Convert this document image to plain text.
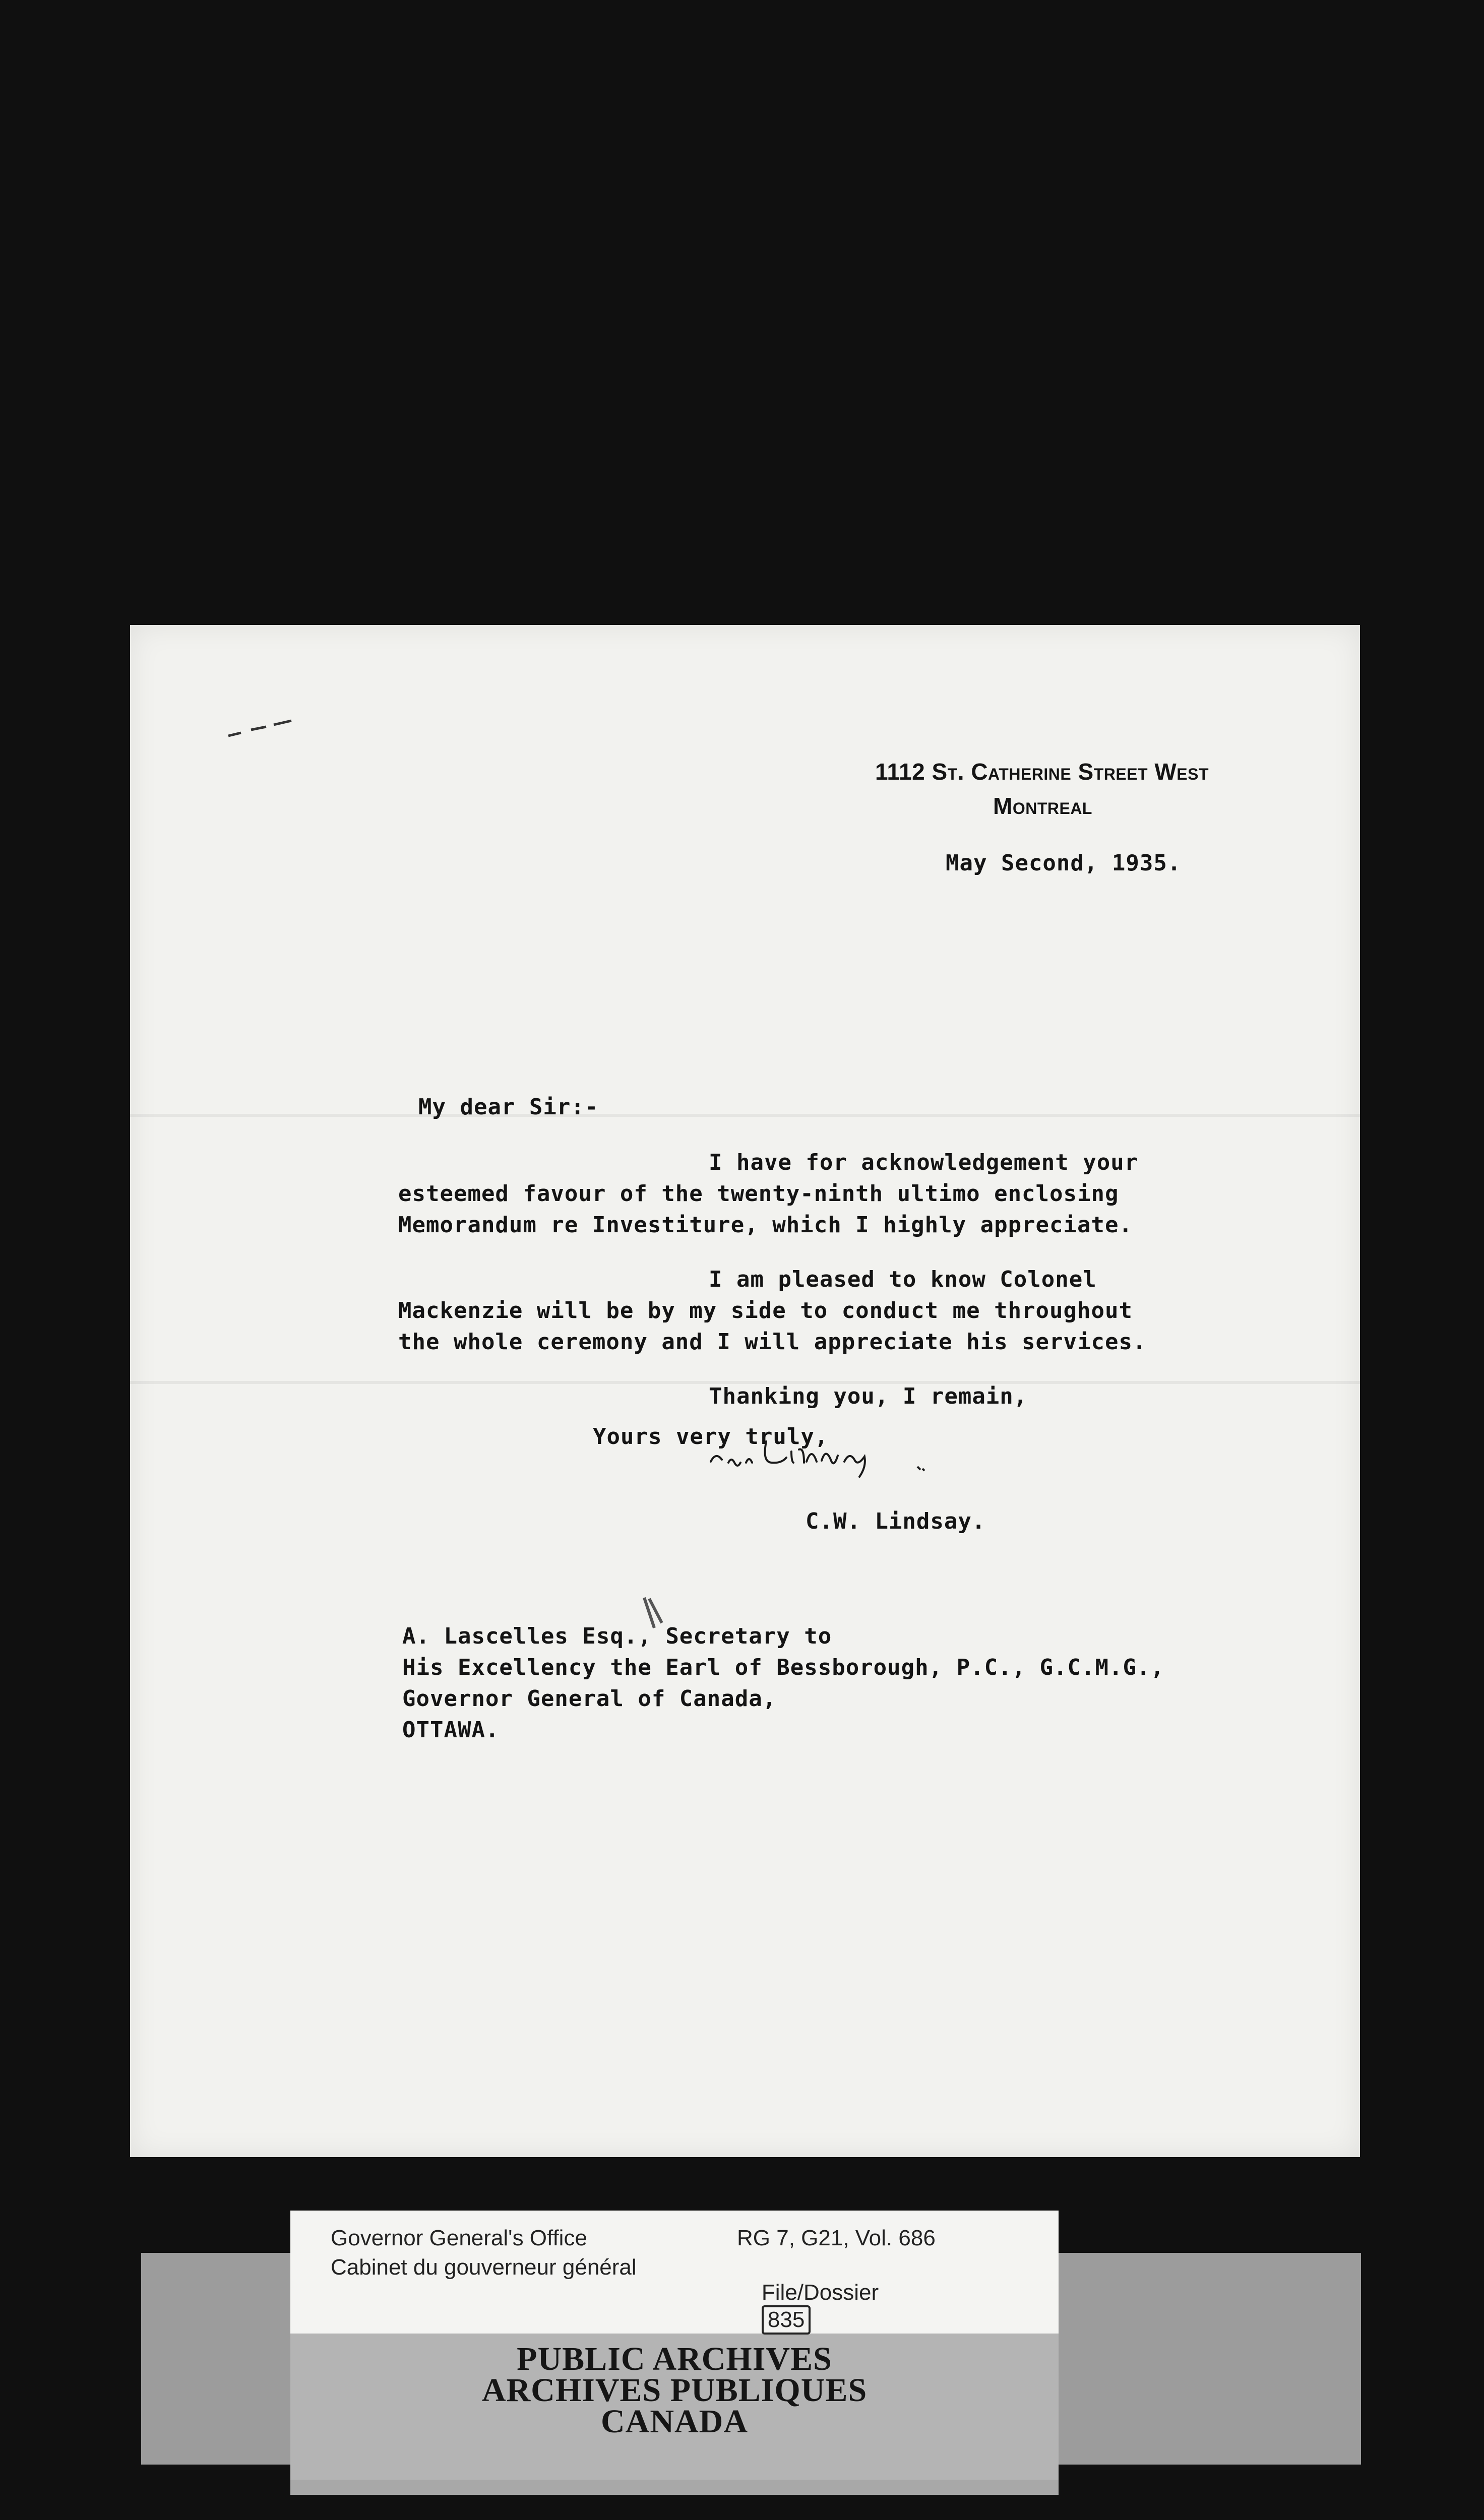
1112 St. Catherine Street West
Montreal
May Second, 1935.
My dear Sir:-
I have for acknowledgement your
esteemed favour of the twenty-ninth ultimo enclosing
Memorandum re Investiture, which I highly appreciate.
I am pleased to know Colonel
Mackenzie will be by my side to conduct me throughout
the whole ceremony and I will appreciate his services.
Thanking you, I remain,
Yours very truly,
C.W. Lindsay.
A. Lascelles Esq., Secretary to
His Excellency the Earl of Bessborough, P.C., G.C.M.G.,
Governor General of Canada,
OTTAWA.
Governor General's Office
Cabinet du gouverneur général
RG 7, G21, Vol. 686

File/Dossier
835

PUBLIC ARCHIVES
ARCHIVES PUBLIQUES
CANADA
